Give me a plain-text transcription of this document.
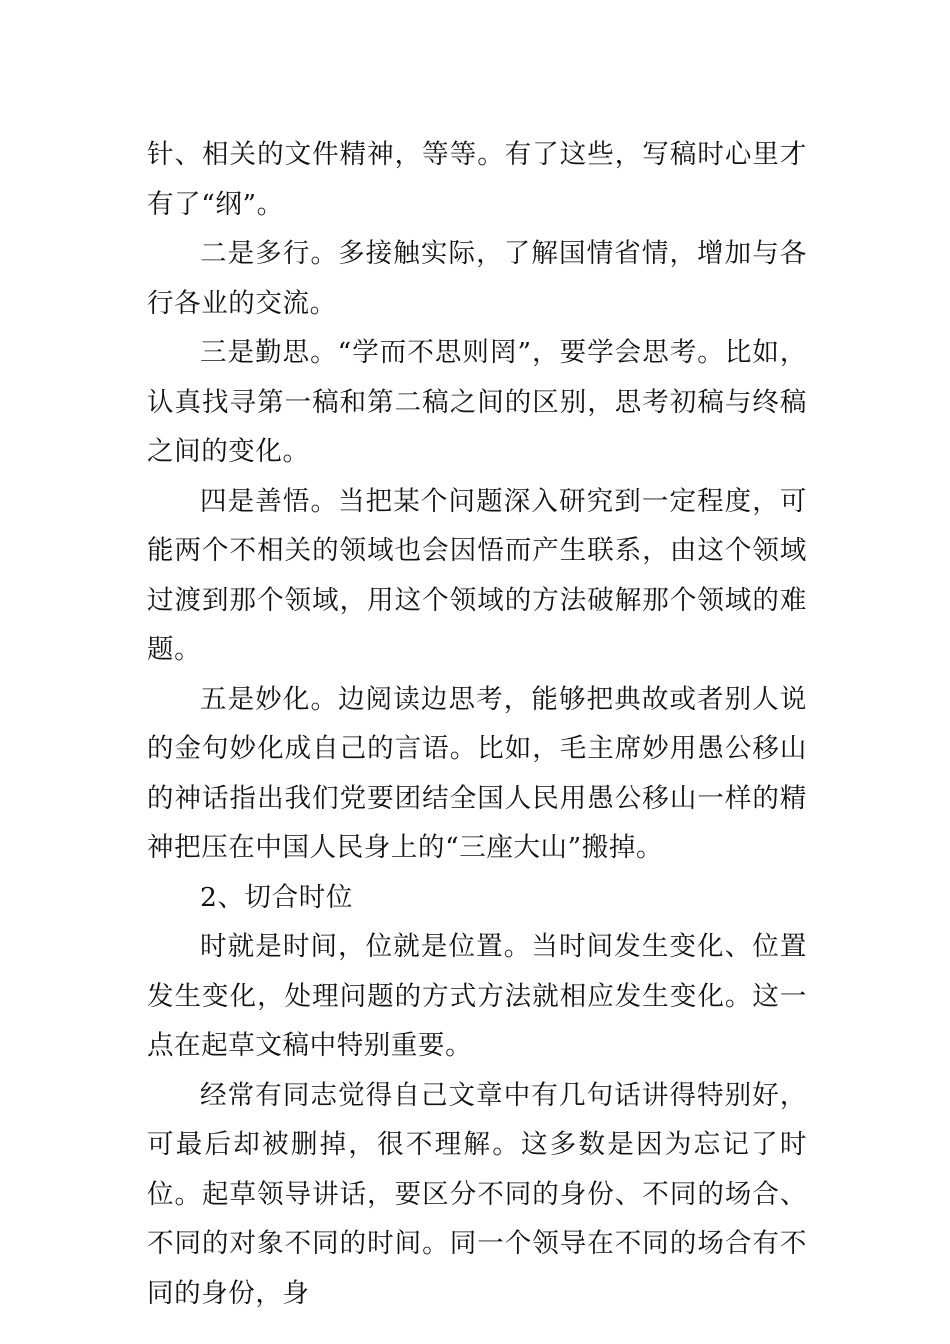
针、相关的文件精神，等等。有了这些，写稿时心里才有了“纲”。

二是多行。多接触实际，了解国情省情，增加与各行各业的交流。

三是勤思。“学而不思则罔”，要学会思考。比如，认真找寻第一稿和第二稿之间的区别，思考初稿与终稿之间的变化。

四是善悟。当把某个问题深入研究到一定程度，可能两个不相关的领域也会因悟而产生联系，由这个领域过渡到那个领域，用这个领域的方法破解那个领域的难题。

五是妙化。边阅读边思考，能够把典故或者别人说的金句妙化成自己的言语。比如，毛主席妙用愚公移山的神话指出我们党要团结全国人民用愚公移山一样的精神把压在中国人民身上的“三座大山”搬掉。

2、切合时位

时就是时间，位就是位置。当时间发生变化、位置发生变化，处理问题的方式方法就相应发生变化。这一点在起草文稿中特别重要。

经常有同志觉得自己文章中有几句话讲得特别好，可最后却被删掉，很不理解。这多数是因为忘记了时位。起草领导讲话，要区分不同的身份、不同的场合、不同的对象不同的时间。同一个领导在不同的场合有不同的身份，身
